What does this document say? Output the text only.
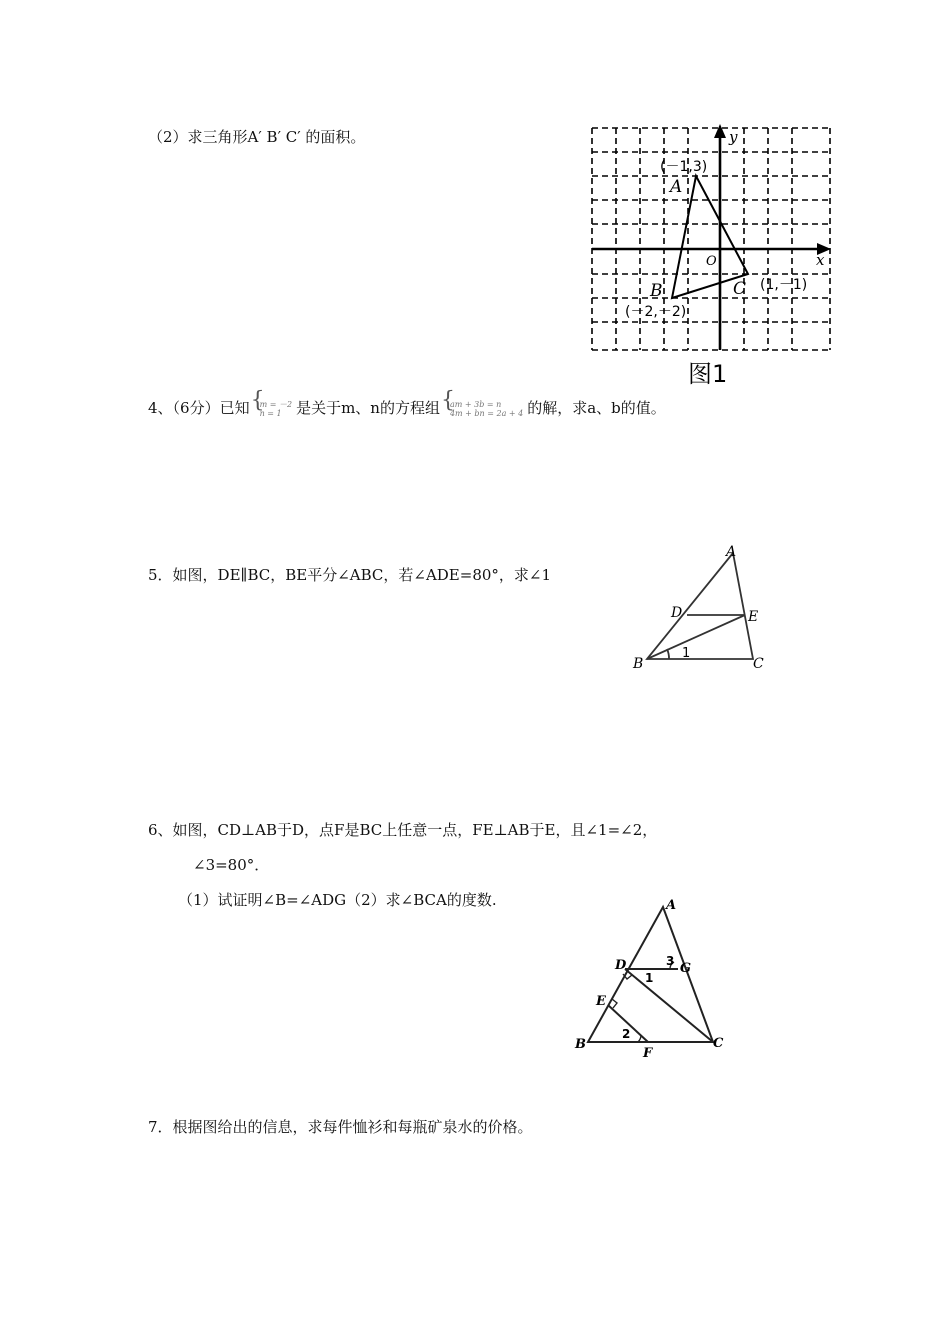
（2）求三角形A′ B′ C′ 的面积。	y
x
O
A
B	C
(－1,3)
(－2,－2)
(1,－1)
图1
4、（6分）已知 { m = －2
n = 1 是关于m、n的方程组 { am + 3b = n
4m + bn = 2a + 4 的解，求a、b的值。
5．如图，DE∥BC，BE平分∠ABC，若∠ADE=80°，求∠1
A
D	E
B	C
1
6、如图，CD⊥AB于D，点F是BC上任意一点，FE⊥AB于E，且∠1=∠2，
∠3=80°．
（1）试证明∠B=∠ADG（2）求∠BCA的度数.	A
D	G
E
B	C
F
1
2
3
7．根据图给出的信息，求每件恤衫和每瓶矿泉水的价格。
